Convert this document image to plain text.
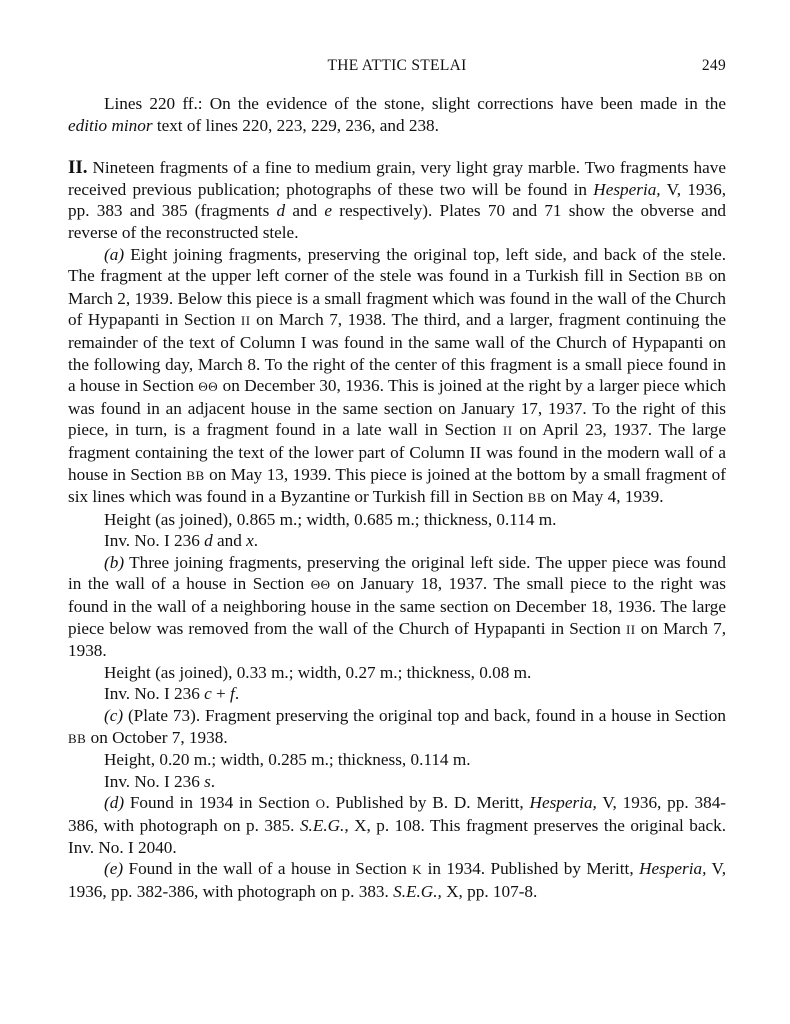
THE ATTIC STELAI	249

Lines 220 ff.: On the evidence of the stone, slight corrections have been made in the editio minor text of lines 220, 223, 229, 236, and 238.

II. Nineteen fragments of a fine to medium grain, very light gray marble. Two fragments have received previous publication; photographs of these two will be found in Hesperia, V, 1936, pp. 383 and 385 (fragments d and e respectively). Plates 70 and 71 show the obverse and reverse of the reconstructed stele.

(a) Eight joining fragments, preserving the original top, left side, and back of the stele. The fragment at the upper left corner of the stele was found in a Turkish fill in Section BB on March 2, 1939. Below this piece is a small fragment which was found in the wall of the Church of Hypapanti in Section II on March 7, 1938. The third, and a larger, fragment continuing the remainder of the text of Column I was found in the same wall of the Church of Hypapanti on the following day, March 8. To the right of the center of this fragment is a small piece found in a house in Section ΘΘ on December 30, 1936. This is joined at the right by a larger piece which was found in an adjacent house in the same section on January 17, 1937. To the right of this piece, in turn, is a fragment found in a late wall in Section II on April 23, 1937. The large fragment containing the text of the lower part of Column II was found in the modern wall of a house in Section BB on May 13, 1939. This piece is joined at the bottom by a small fragment of six lines which was found in a Byzantine or Turkish fill in Section BB on May 4, 1939.

Height (as joined), 0.865 m.; width, 0.685 m.; thickness, 0.114 m.

Inv. No. I 236 d and x.

(b) Three joining fragments, preserving the original left side. The upper piece was found in the wall of a house in Section ΘΘ on January 18, 1937. The small piece to the right was found in the wall of a neighboring house in the same section on December 18, 1936. The large piece below was removed from the wall of the Church of Hypapanti in Section II on March 7, 1938.

Height (as joined), 0.33 m.; width, 0.27 m.; thickness, 0.08 m.

Inv. No. I 236 c + f.

(c) (Plate 73). Fragment preserving the original top and back, found in a house in Section BB on October 7, 1938.

Height, 0.20 m.; width, 0.285 m.; thickness, 0.114 m.

Inv. No. I 236 s.

(d) Found in 1934 in Section O. Published by B. D. Meritt, Hesperia, V, 1936, pp. 384-386, with photograph on p. 385. S.E.G., X, p. 108. This fragment preserves the original back. Inv. No. I 2040.

(e) Found in the wall of a house in Section K in 1934. Published by Meritt, Hesperia, V, 1936, pp. 382-386, with photograph on p. 383. S.E.G., X, pp. 107-8.
